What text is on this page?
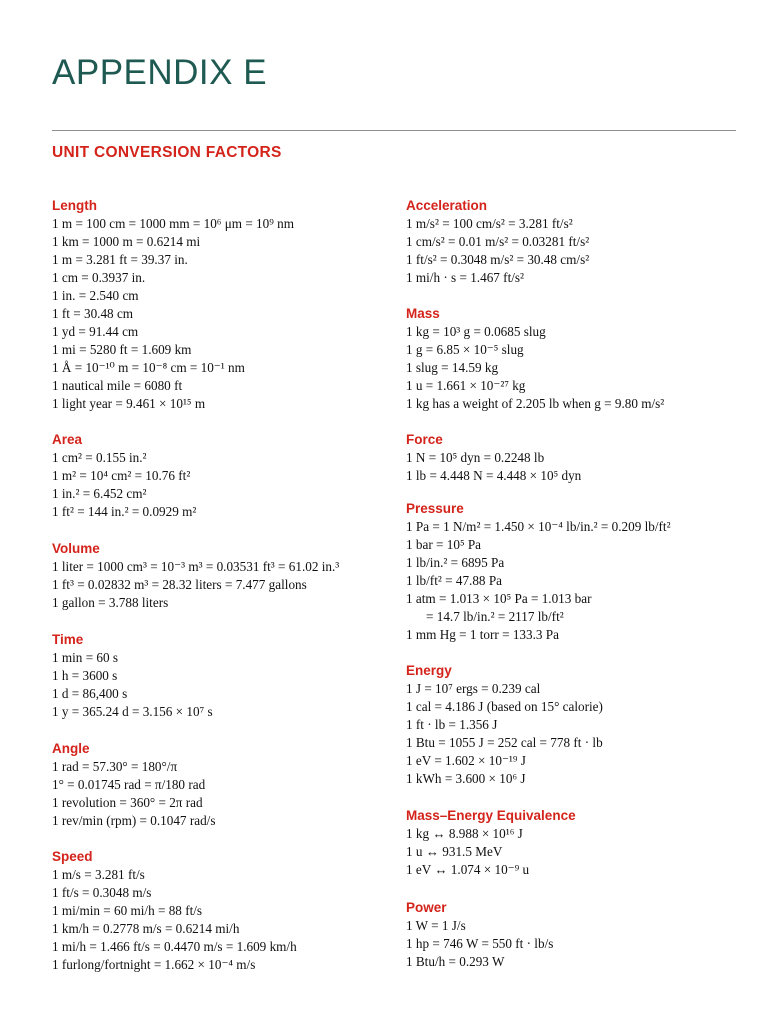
APPENDIX E
UNIT CONVERSION FACTORS
Length
1 m = 100 cm = 1000 mm = 10⁶ μm = 10⁹ nm
1 km = 1000 m = 0.6214 mi
1 m = 3.281 ft = 39.37 in.
1 cm = 0.3937 in.
1 in. = 2.540 cm
1 ft = 30.48 cm
1 yd = 91.44 cm
1 mi = 5280 ft = 1.609 km
1 Å = 10⁻¹⁰ m = 10⁻⁸ cm = 10⁻¹ nm
1 nautical mile = 6080 ft
1 light year = 9.461 × 10¹⁵ m
Area
1 cm² = 0.155 in.²
1 m² = 10⁴ cm² = 10.76 ft²
1 in.² = 6.452 cm²
1 ft² = 144 in.² = 0.0929 m²
Volume
1 liter = 1000 cm³ = 10⁻³ m³ = 0.03531 ft³ = 61.02 in.³
1 ft³ = 0.02832 m³ = 28.32 liters = 7.477 gallons
1 gallon = 3.788 liters
Time
1 min = 60 s
1 h = 3600 s
1 d = 86,400 s
1 y = 365.24 d = 3.156 × 10⁷ s
Angle
1 rad = 57.30° = 180°/π
1° = 0.01745 rad = π/180 rad
1 revolution = 360° = 2π rad
1 rev/min (rpm) = 0.1047 rad/s
Speed
1 m/s = 3.281 ft/s
1 ft/s = 0.3048 m/s
1 mi/min = 60 mi/h = 88 ft/s
1 km/h = 0.2778 m/s = 0.6214 mi/h
1 mi/h = 1.466 ft/s = 0.4470 m/s = 1.609 km/h
1 furlong/fortnight = 1.662 × 10⁻⁴ m/s
Acceleration
1 m/s² = 100 cm/s² = 3.281 ft/s²
1 cm/s² = 0.01 m/s² = 0.03281 ft/s²
1 ft/s² = 0.3048 m/s² = 30.48 cm/s²
1 mi/h · s = 1.467 ft/s²
Mass
1 kg = 10³ g = 0.0685 slug
1 g = 6.85 × 10⁻⁵ slug
1 slug = 14.59 kg
1 u = 1.661 × 10⁻²⁷ kg
1 kg has a weight of 2.205 lb when g = 9.80 m/s²
Force
1 N = 10⁵ dyn = 0.2248 lb
1 lb = 4.448 N = 4.448 × 10⁵ dyn
Pressure
1 Pa = 1 N/m² = 1.450 × 10⁻⁴ lb/in.² = 0.209 lb/ft²
1 bar = 10⁵ Pa
1 lb/in.² = 6895 Pa
1 lb/ft² = 47.88 Pa
1 atm = 1.013 × 10⁵ Pa = 1.013 bar
= 14.7 lb/in.² = 2117 lb/ft²
1 mm Hg = 1 torr = 133.3 Pa
Energy
1 J = 10⁷ ergs = 0.239 cal
1 cal = 4.186 J (based on 15° calorie)
1 ft · lb = 1.356 J
1 Btu = 1055 J = 252 cal = 778 ft · lb
1 eV = 1.602 × 10⁻¹⁹ J
1 kWh = 3.600 × 10⁶ J
Mass–Energy Equivalence
1 kg ↔ 8.988 × 10¹⁶ J
1 u ↔ 931.5 MeV
1 eV ↔ 1.074 × 10⁻⁹ u
Power
1 W = 1 J/s
1 hp = 746 W = 550 ft · lb/s
1 Btu/h = 0.293 W
